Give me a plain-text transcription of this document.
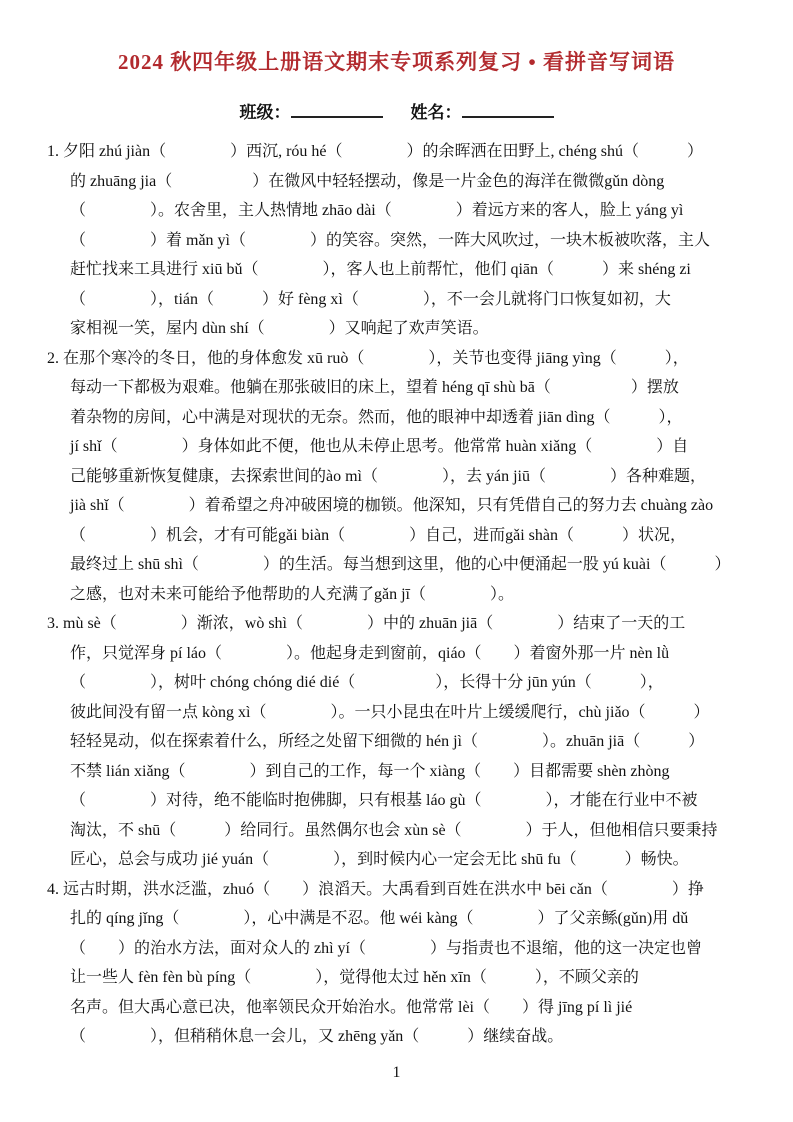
2024 秋四年级上册语文期末专项系列复习 • 看拼音写词语
班级：	姓名：
1. 夕阳 zhú jiàn（　　　　）西沉, róu hé（　　　　）的余晖洒在田野上, chéng shú（　　　）
的 zhuāng jia（　　　　　）在微风中轻轻摆动，像是一片金色的海洋在微微gǔn dòng
（　　　　）。农舍里，主人热情地 zhāo dài（　　　　）着远方来的客人，脸上 yáng yì
（　　　　）着 mǎn yì（　　　　）的笑容。突然，一阵大风吹过，一块木板被吹落，主人
赶忙找来工具进行 xiū bǔ（　　　　），客人也上前帮忙，他们 qiān（　　　）来 shéng zi
（　　　　），tián（　　　）好 fèng xì（　　　　），不一会儿就将门口恢复如初，大
家相视一笑，屋内 dùn shí（　　　　）又响起了欢声笑语。
2. 在那个寒冷的冬日，他的身体愈发 xū ruò（　　　　），关节也变得 jiāng yìng（　　　），
每动一下都极为艰难。他躺在那张破旧的床上，望着 héng qī shù bā（　　　　　）摆放
着杂物的房间，心中满是对现状的无奈。然而，他的眼神中却透着 jiān dìng（　　　），
jí shǐ（　　　　）身体如此不便，他也从未停止思考。他常常 huàn xiǎng（　　　　）自
己能够重新恢复健康，去探索世间的ào mì（　　　　），去 yán jiū（　　　　）各种难题，
jià shǐ（　　　　）着希望之舟冲破困境的枷锁。他深知，只有凭借自己的努力去 chuàng zào
（　　　　）机会，才有可能gǎi biàn（　　　　）自己，进而gǎi shàn（　　　）状况，
最终过上 shū shì（　　　　）的生活。每当想到这里，他的心中便涌起一股 yú kuài（　　　）
之感，也对未来可能给予他帮助的人充满了gǎn jī（　　　　）。
3. mù sè（　　　　）渐浓，wò shì（　　　　）中的 zhuān jiā（　　　　）结束了一天的工
作，只觉浑身 pí láo（　　　　）。他起身走到窗前，qiáo（　　）着窗外那一片 nèn lǜ
（　　　　），树叶 chóng chóng dié dié（　　　　　），长得十分 jūn yún（　　　），
彼此间没有留一点 kòng xì（　　　　）。一只小昆虫在叶片上缓缓爬行，chù jiǎo（　　　）
轻轻晃动，似在探索着什么，所经之处留下细微的 hén jì（　　　　）。zhuān jiā（　　　）
不禁 lián xiǎng（　　　　）到自己的工作，每一个 xiàng（　　）目都需要 shèn zhòng
（　　　　）对待，绝不能临时抱佛脚，只有根基 láo gù（　　　　），才能在行业中不被
淘汰，不 shū（　　　）给同行。虽然偶尔也会 xùn sè（　　　　）于人，但他相信只要秉持
匠心，总会与成功 jié yuán（　　　　），到时候内心一定会无比 shū fu（　　　）畅快。
4. 远古时期，洪水泛滥，zhuó（　　）浪滔天。大禹看到百姓在洪水中 bēi cǎn（　　　　）挣
扎的 qíng jǐng（　　　　），心中满是不忍。他 wéi kàng（　　　　）了父亲鲧(gǔn)用 dǔ
（　　）的治水方法，面对众人的 zhì yí（　　　　）与指责也不退缩，他的这一决定也曾
让一些人 fèn fèn bù píng（　　　　），觉得他太过 hěn xīn（　　　），不顾父亲的
名声。但大禹心意已决，他率领民众开始治水。他常常 lèi（　　）得 jīng pí lì jié
（　　　　），但稍稍休息一会儿，又 zhēng yǎn（　　　）继续奋战。
1
